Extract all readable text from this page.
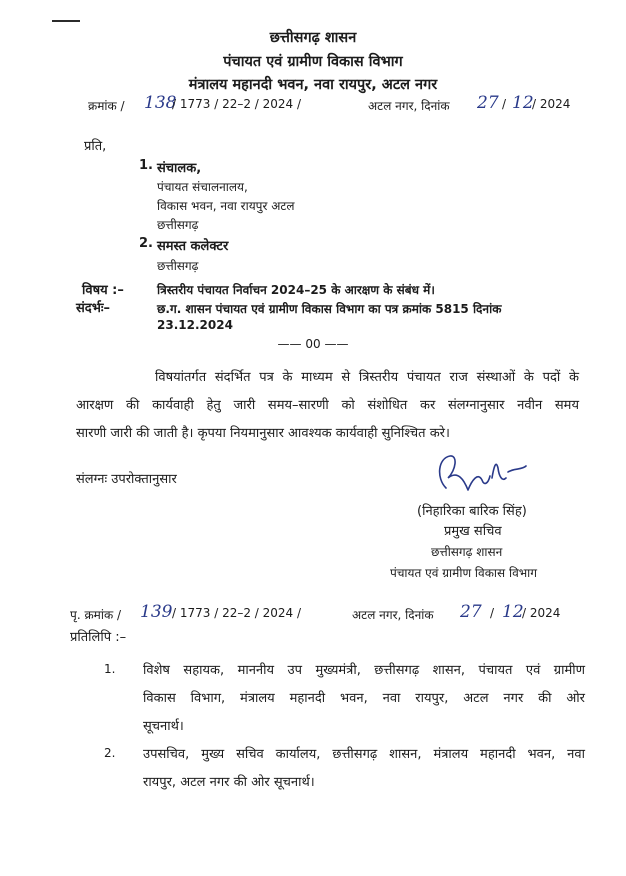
छत्तीसगढ़ शासन
पंचायत एवं ग्रामीण विकास विभाग
मंत्रालय महानदी भवन, नवा रायपुर, अटल नगर
क्रमांक / 138
/ 1773 / 22–2 / 2024 /	अटल नगर, दिनांक 27 / 12
/ 2024
प्रति,
1. संचालक,
पंचायत संचालनालय,
विकास भवन, नवा रायपुर अटल
छत्तीसगढ़
2. समस्त कलेक्टर
छत्तीसगढ़
विषय :–	त्रिस्तरीय पंचायत निर्वाचन 2024–25 के आरक्षण के संबंध में।
संदर्भः–	छ.ग. शासन पंचायत एवं ग्रामीण विकास विभाग का पत्र क्रमांक 5815 दिनांक
23.12.2024
—— 00 ——
विषयांतर्गत संदर्भित पत्र के माध्यम से त्रिस्तरीय पंचायत राज संस्थाओं के पदों के
आरक्षण की कार्यवाही हेतु जारी समय–सारणी को संशोधित कर संलग्नानुसार नवीन समय
सारणी जारी की जाती है। कृपया नियमानुसार आवश्यक कार्यवाही सुनिश्चित करे।
संलग्नः उपरोक्तानुसार
(निहारिका बारिक सिंह)
प्रमुख सचिव
छत्तीसगढ़ शासन
पंचायत एवं ग्रामीण विकास विभाग
पृ. क्रमांक / 139 / 1773 / 22–2 / 2024 /	अटल नगर, दिनांक 27 / 12
/ 2024
प्रतिलिपि :–
1. विशेष सहायक, माननीय उप मुख्यमंत्री, छत्तीसगढ़ शासन, पंचायत एवं ग्रामीण
विकास विभाग, मंत्रालय महानदी भवन, नवा रायपुर, अटल नगर की ओर
सूचनार्थ।
2. उपसचिव, मुख्य सचिव कार्यालय, छत्तीसगढ़ शासन, मंत्रालय महानदी भवन, नवा
रायपुर, अटल नगर की ओर सूचनार्थ।
